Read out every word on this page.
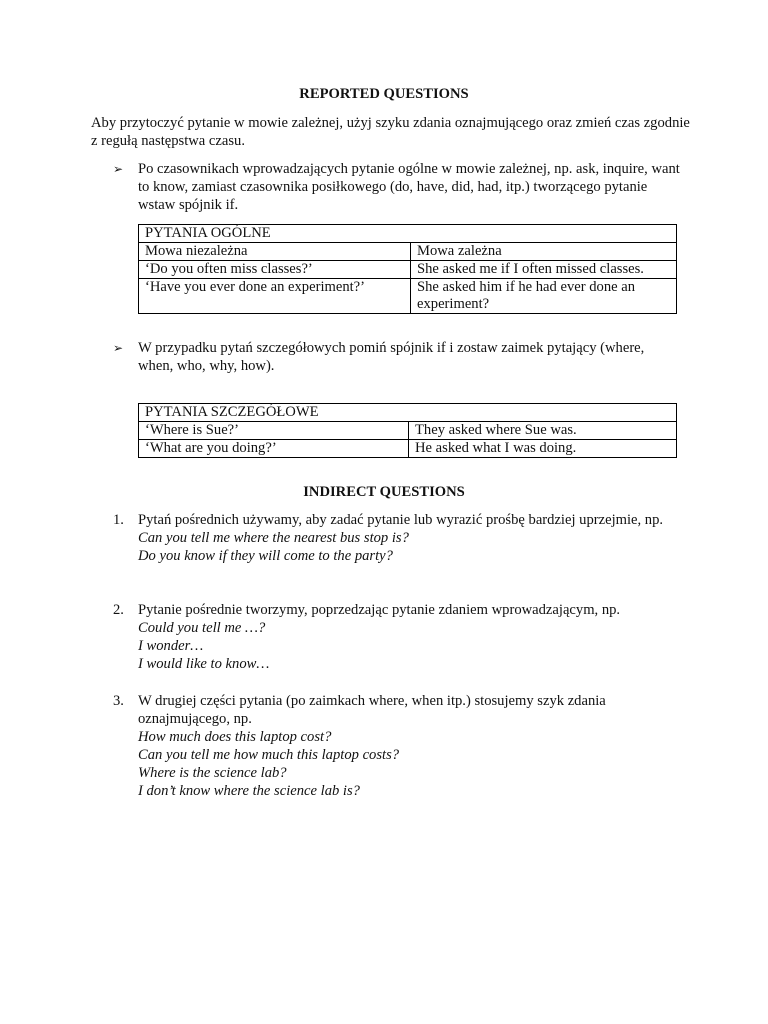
REPORTED QUESTIONS

Aby przytoczyć pytanie w mowie zależnej, użyj szyku zdania oznajmującego oraz zmień czas zgodnie z regułą następstwa czasu.

➢ Po czasownikach wprowadzających pytanie ogólne w mowie zależnej, np. ask, inquire, want to know, zamiast czasownika posiłkowego (do, have, did, had, itp.) tworzącego pytanie wstaw spójnik if.
PYTANIA OGÓLNE	
Mowa niezależna	Mowa zależna
‘Do you often miss classes?’	She asked me if I often missed classes.
‘Have you ever done an experiment?’	She asked him if he had ever done an experiment?
➢ W przypadku pytań szczegółowych pomiń spójnik if i zostaw zaimek pytający (where, when, who, why, how).
PYTANIA SZCZEGÓŁOWE	
‘Where is Sue?’	They asked where Sue was.
‘What are you doing?’	He asked what I was doing.
INDIRECT QUESTIONS
1. Pytań pośrednich używamy, aby zadać pytanie lub wyrazić prośbę bardziej uprzejmie, np.
Can you tell me where the nearest bus stop is?
Do you know if they will come to the party?
2. Pytanie pośrednie tworzymy, poprzedzając pytanie zdaniem wprowadzającym, np.
Could you tell me …?
I wonder…
I would like to know…
3. W drugiej części pytania (po zaimkach where, when itp.) stosujemy szyk zdania oznajmującego, np.
How much does this laptop cost?
Can you tell me how much this laptop costs?
Where is the science lab?
I don’t know where the science lab is?
